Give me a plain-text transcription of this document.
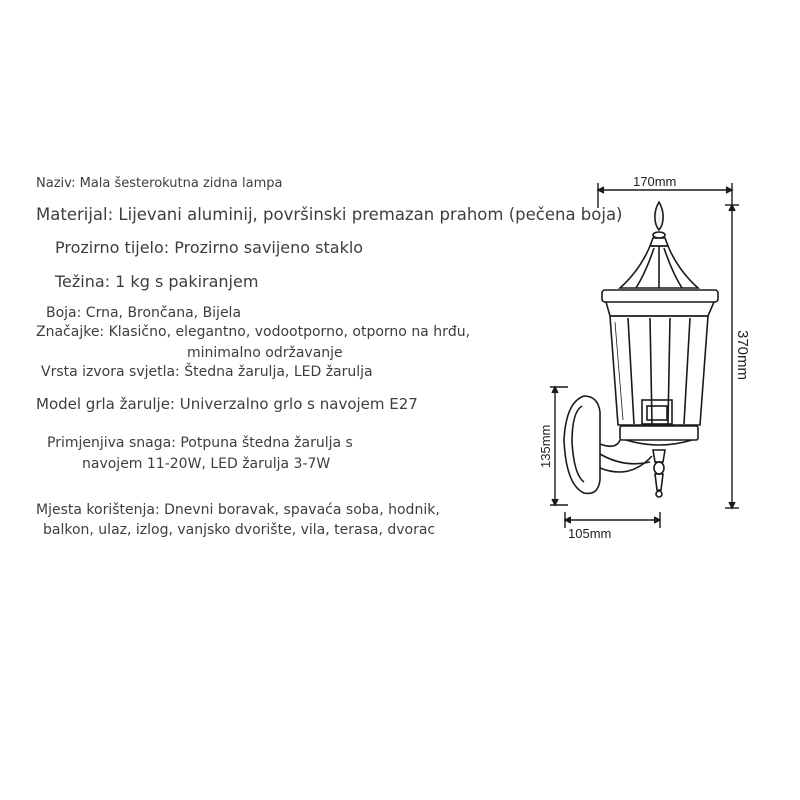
Naziv: Mala šesterokutna zidna lampa
Materijal: Lijevani aluminij, površinski premazan prahom (pečena boja)
Prozirno tijelo: Prozirno savijeno staklo
Težina: 1 kg s pakiranjem
Boja: Crna, Brončana, Bijela
Značajke: Klasično, elegantno, vodootporno, otporno na hrđu,
minimalno održavanje
Vrsta izvora svjetla: Štedna žarulja, LED žarulja
Model grla žarulje: Univerzalno grlo s navojem E27
Primjenjiva snaga: Potpuna štedna žarulja s
navojem 11-20W, LED žarulja 3-7W
Mjesta korištenja: Dnevni boravak, spavaća soba, hodnik,
balkon, ulaz, izlog, vanjsko dvorište, vila, terasa, dvorac
170mm
370mm
135mm
105mm
